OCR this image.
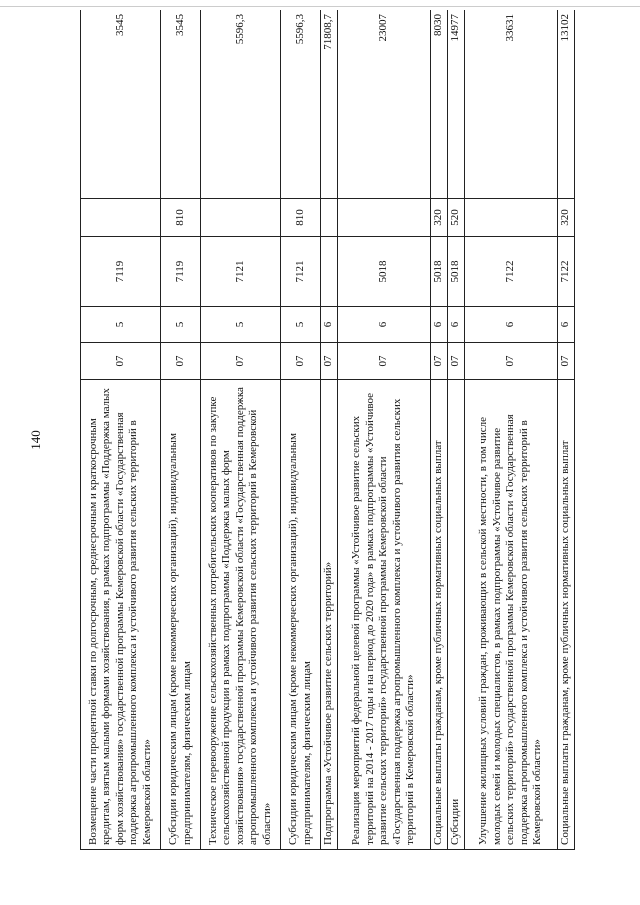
140	Возмещение части процентной ставки по долгосрочным, среднесрочным и краткосрочным кредитам, взятым малыми формами хозяйствования, в рамках подпрограммы «Поддержка малых форм хозяйствования» государственной программы Кемеровской области «Государственная поддержка агропромышленного комплекса и устойчивого развития сельских территорий в Кемеровской области»	07	5	7119		3545
Субсидии юридическим лицам (кроме некоммерческих организаций), индивидуальным предпринимателям, физическим лицам	07	5	7119	810	3545
Техническое перевооружение сельскохозяйственных потребительских кооперативов по закупке сельскохозяйственной продукции в рамках подпрограммы «Поддержка малых форм хозяйствования» государственной программы Кемеровской области «Государственная поддержка агропромышленного комплекса и устойчивого развития сельских территорий в Кемеровской области»	07	5	7121		5596,3
Субсидии юридическим лицам (кроме некоммерческих организаций), индивидуальным предпринимателям, физическим лицам	07	5	7121	810	5596,3
Подпрограмма «Устойчивое развитие сельских территорий»	07	6			71808,7
Реализация мероприятий федеральной целевой программы «Устойчивое развитие сельских территорий на 2014 - 2017 годы и на период до 2020 года» в рамках подпрограммы «Устойчивое развитие сельских территорий» государственной программы Кемеровской области «Государственная поддержка агропромышленного комплекса и устойчивого развития сельских территорий в Кемеровской области»	07	6	5018		23007
Социальные выплаты гражданам, кроме публичных нормативных социальных выплат	07	6	5018	320	8030
Субсидии	07	6	5018	520	14977
Улучшение жилищных условий граждан, проживающих в сельской местности, в том числе молодых семей и молодых специалистов, в рамках подпрограммы «Устойчивое развитие сельских территорий» государственной программы Кемеровской области «Государственная поддержка агропромышленного комплекса и устойчивого развития сельских территорий в Кемеровской области»	07	6	7122		33631
Социальные выплаты гражданам, кроме публичных нормативных социальных выплат	07	6	7122	320	13102
